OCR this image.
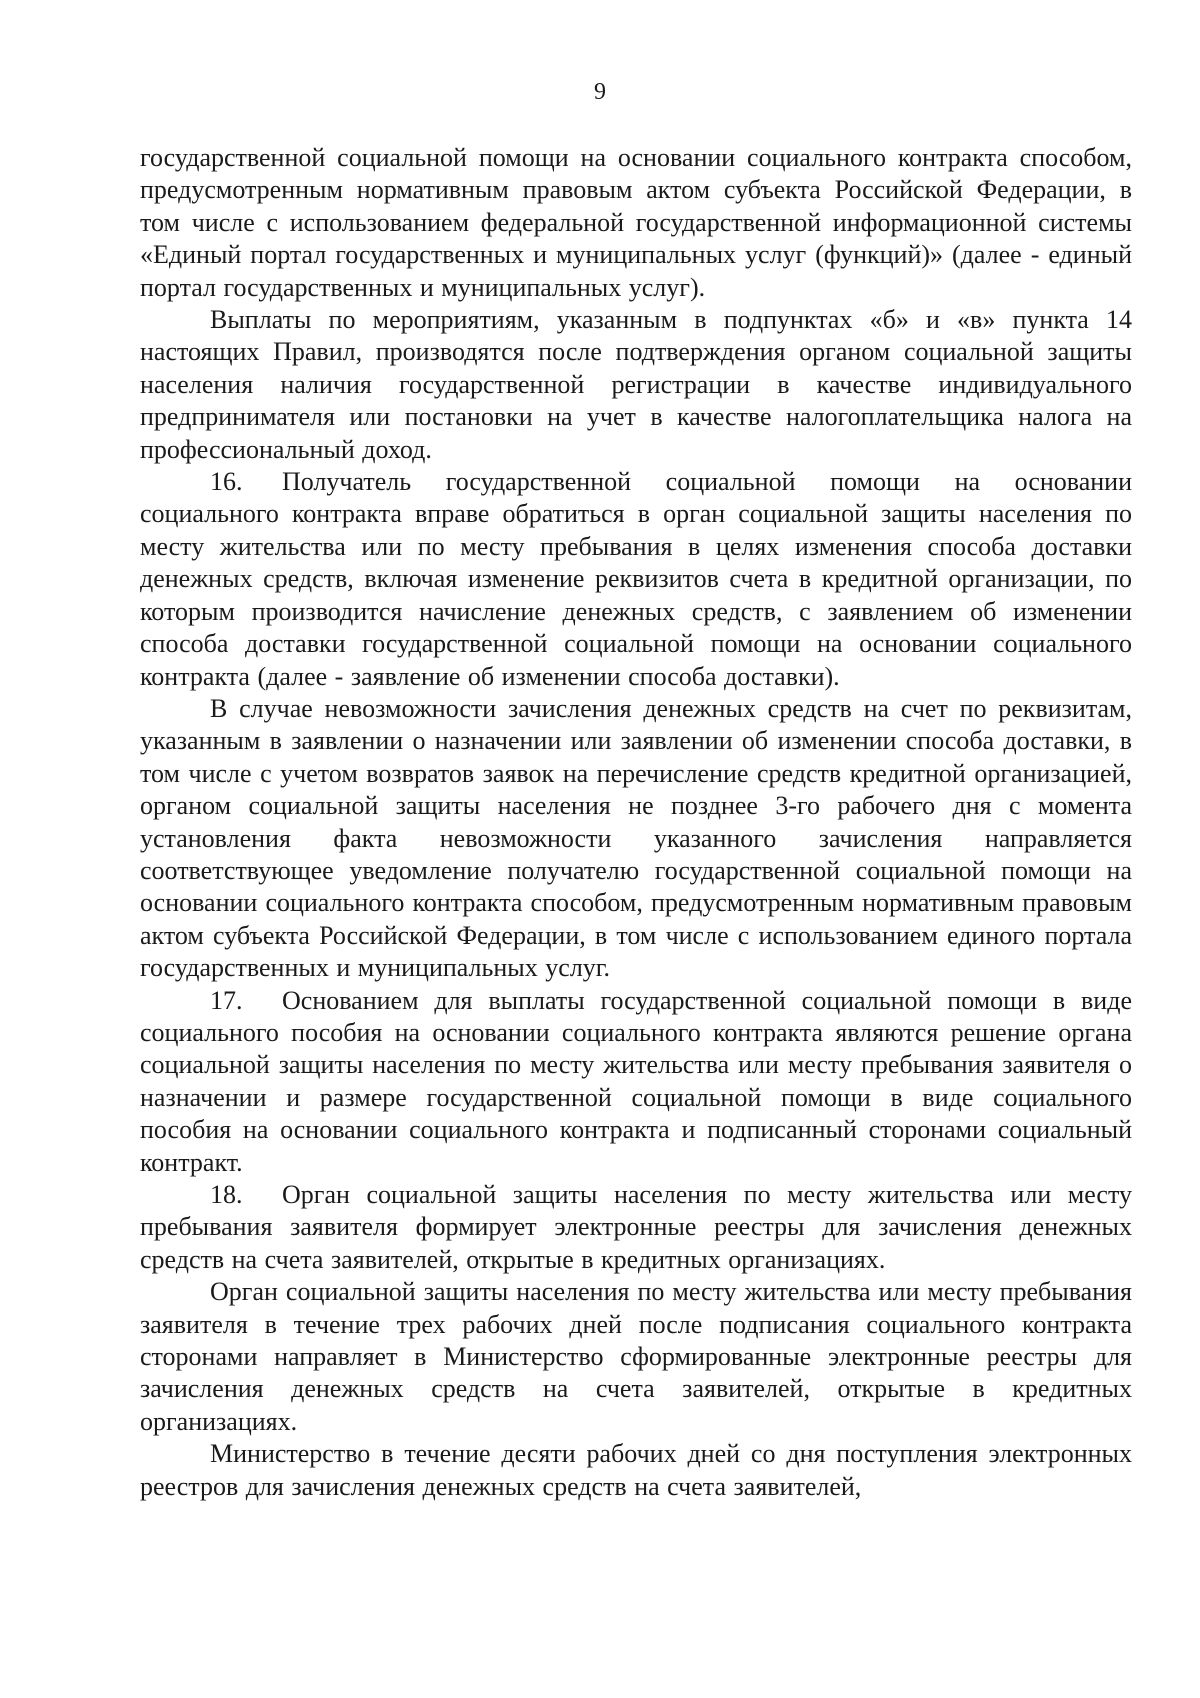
9

государственной социальной помощи на основании социального контракта способом, предусмотренным нормативным правовым актом субъекта Российской Федерации, в том числе с использованием федеральной государственной информационной системы «Единый портал государственных и муниципальных услуг (функций)» (далее - единый портал государственных и муниципальных услуг).

Выплаты по мероприятиям, указанным в подпунктах «б» и «в» пункта 14 настоящих Правил, производятся после подтверждения органом социальной защиты населения наличия государственной регистрации в качестве индивидуального предпринимателя или постановки на учет в качестве налогоплательщика налога на профессиональный доход.

16. Получатель государственной социальной помощи на основании социального контракта вправе обратиться в орган социальной защиты населения по месту жительства или по месту пребывания в целях изменения способа доставки денежных средств, включая изменение реквизитов счета в кредитной организации, по которым производится начисление денежных средств, с заявлением об изменении способа доставки государственной социальной помощи на основании социального контракта (далее - заявление об изменении способа доставки).

В случае невозможности зачисления денежных средств на счет по реквизитам, указанным в заявлении о назначении или заявлении об изменении способа доставки, в том числе с учетом возвратов заявок на перечисление средств кредитной организацией, органом социальной защиты населения не позднее 3-го рабочего дня с момента установления факта невозможности указанного зачисления направляется соответствующее уведомление получателю государственной социальной помощи на основании социального контракта способом, предусмотренным нормативным правовым актом субъекта Российской Федерации, в том числе с использованием единого портала государственных и муниципальных услуг.

17. Основанием для выплаты государственной социальной помощи в виде социального пособия на основании социального контракта являются решение органа социальной защиты населения по месту жительства или месту пребывания заявителя о назначении и размере государственной социальной помощи в виде социального пособия на основании социального контракта и подписанный сторонами социальный контракт.

18. Орган социальной защиты населения по месту жительства или месту пребывания заявителя формирует электронные реестры для зачисления денежных средств на счета заявителей, открытые в кредитных организациях.

Орган социальной защиты населения по месту жительства или месту пребывания заявителя в течение трех рабочих дней после подписания социального контракта сторонами направляет в Министерство сформированные электронные реестры для зачисления денежных средств на счета заявителей, открытые в кредитных организациях.

Министерство в течение десяти рабочих дней со дня поступления электронных реестров для зачисления денежных средств на счета заявителей,
